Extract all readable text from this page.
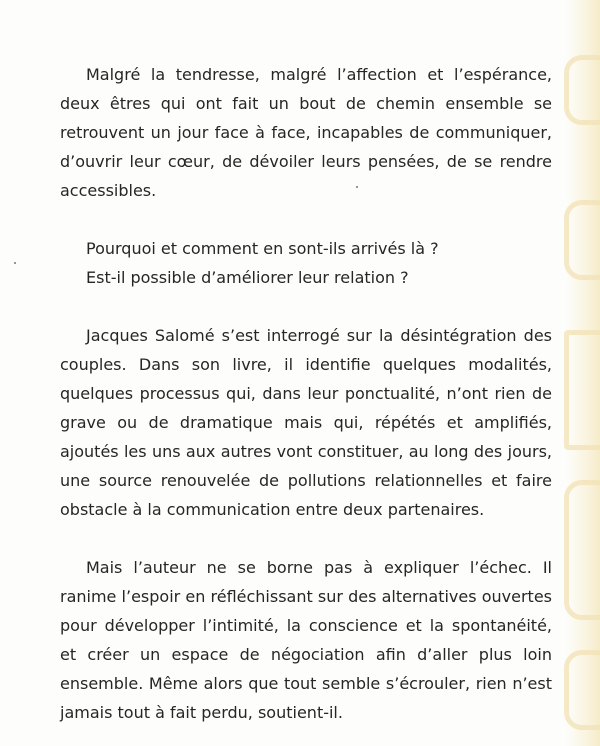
Malgré la tendresse, malgré l’affection et l’espérance, deux êtres qui ont fait un bout de chemin ensemble se retrouvent un jour face à face, incapables de communiquer, d’ouvrir leur cœur, de dévoiler leurs pensées, de se rendre accessibles.

Pourquoi et comment en sont-ils arrivés là ?

Est-il possible d’améliorer leur relation ?

Jacques Salomé s’est interrogé sur la désintégration des couples. Dans son livre, il identifie quelques modalités, quelques processus qui, dans leur ponctualité, n’ont rien de grave ou de dramatique mais qui, répétés et amplifiés, ajoutés les uns aux autres vont constituer, au long des jours, une source renouvelée de pollutions relationnelles et faire obstacle à la communication entre deux partenaires.

Mais l’auteur ne se borne pas à expliquer l’échec. Il ranime l’espoir en réfléchissant sur des alternatives ouvertes pour développer l’intimité, la conscience et la spontanéité, et créer un espace de négociation afin d’aller plus loin ensemble. Même alors que tout semble s’écrouler, rien n’est jamais tout à fait perdu, soutient-il.
